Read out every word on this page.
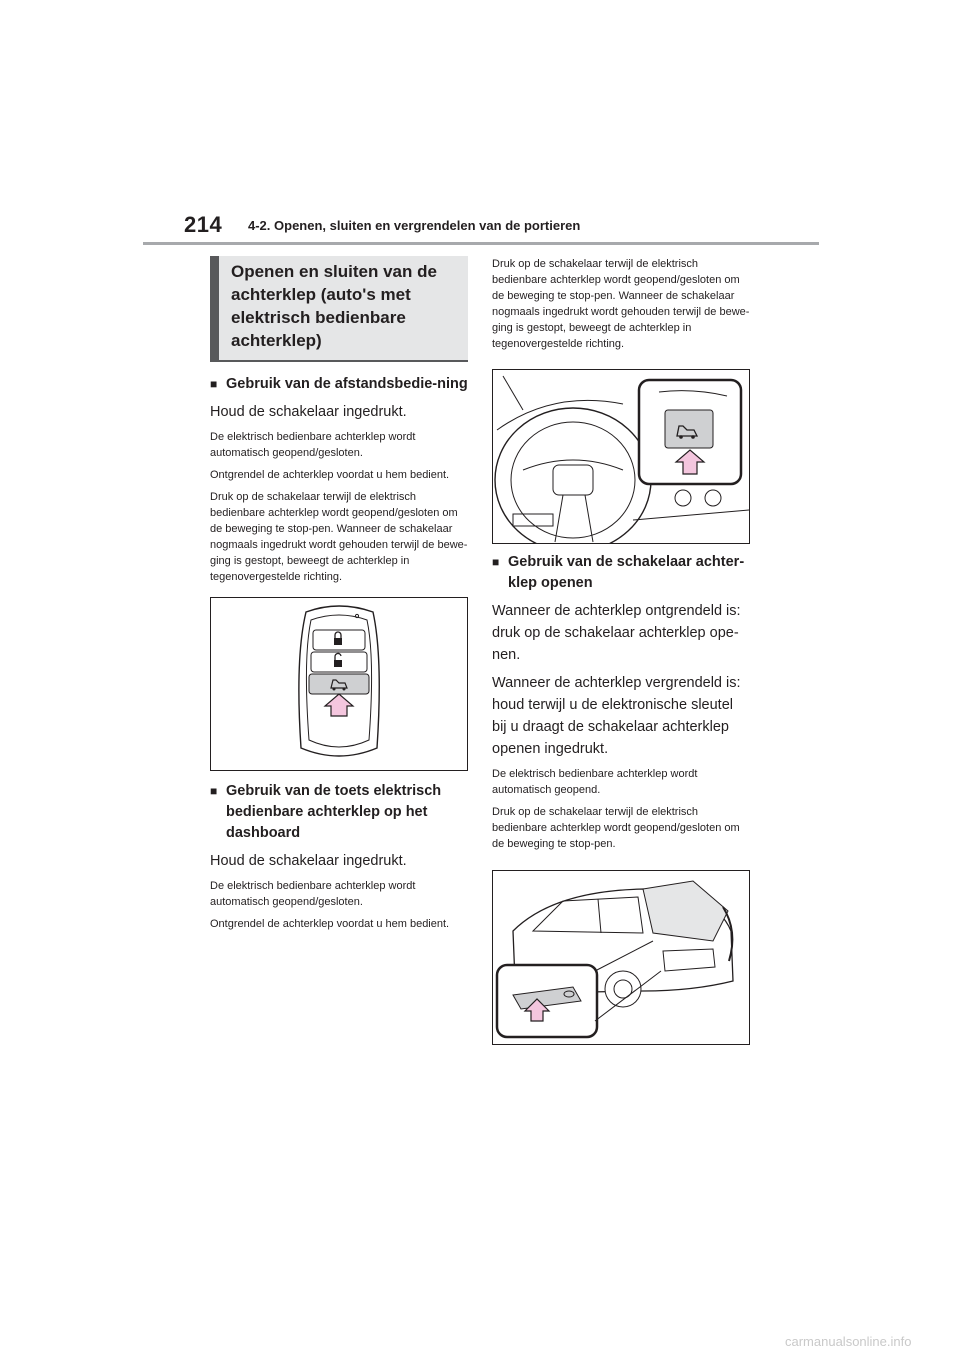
214 4-2. Openen, sluiten en vergrendelen van de portieren
Openen en sluiten van de achterklep (auto's met elektrisch bedienbare achterklep)
■ Gebruik van de afstandsbedie-ning
Houd de schakelaar ingedrukt.
De elektrisch bedienbare achterklep wordt automatisch geopend/gesloten.
Ontgrendel de achterklep voordat u hem bedient.
Druk op de schakelaar terwijl de elektrisch bedienbare achterklep wordt geopend/gesloten om de beweging te stop-pen. Wanneer de schakelaar nogmaals ingedrukt wordt gehouden terwijl de bewe-ging is gestopt, beweegt de achterklep in tegenovergestelde richting.
■ Gebruik van de toets elektrisch bedienbare achterklep op het dashboard
Houd de schakelaar ingedrukt.
De elektrisch bedienbare achterklep wordt automatisch geopend/gesloten.
Ontgrendel de achterklep voordat u hem bedient.
Druk op de schakelaar terwijl de elektrisch bedienbare achterklep wordt geopend/gesloten om de beweging te stop-pen. Wanneer de schakelaar nogmaals ingedrukt wordt gehouden terwijl de bewe-ging is gestopt, beweegt de achterklep in tegenovergestelde richting.
■ Gebruik van de schakelaar achter-klep openen
Wanneer de achterklep ontgrendeld is: druk op de schakelaar achterklep ope-nen.
Wanneer de achterklep vergrendeld is: houd terwijl u de elektronische sleutel bij u draagt de schakelaar achterklep openen ingedrukt.
De elektrisch bedienbare achterklep wordt automatisch geopend.
Druk op de schakelaar terwijl de elektrisch bedienbare achterklep wordt geopend/gesloten om de beweging te stop-pen.
carmanualsonline.info
